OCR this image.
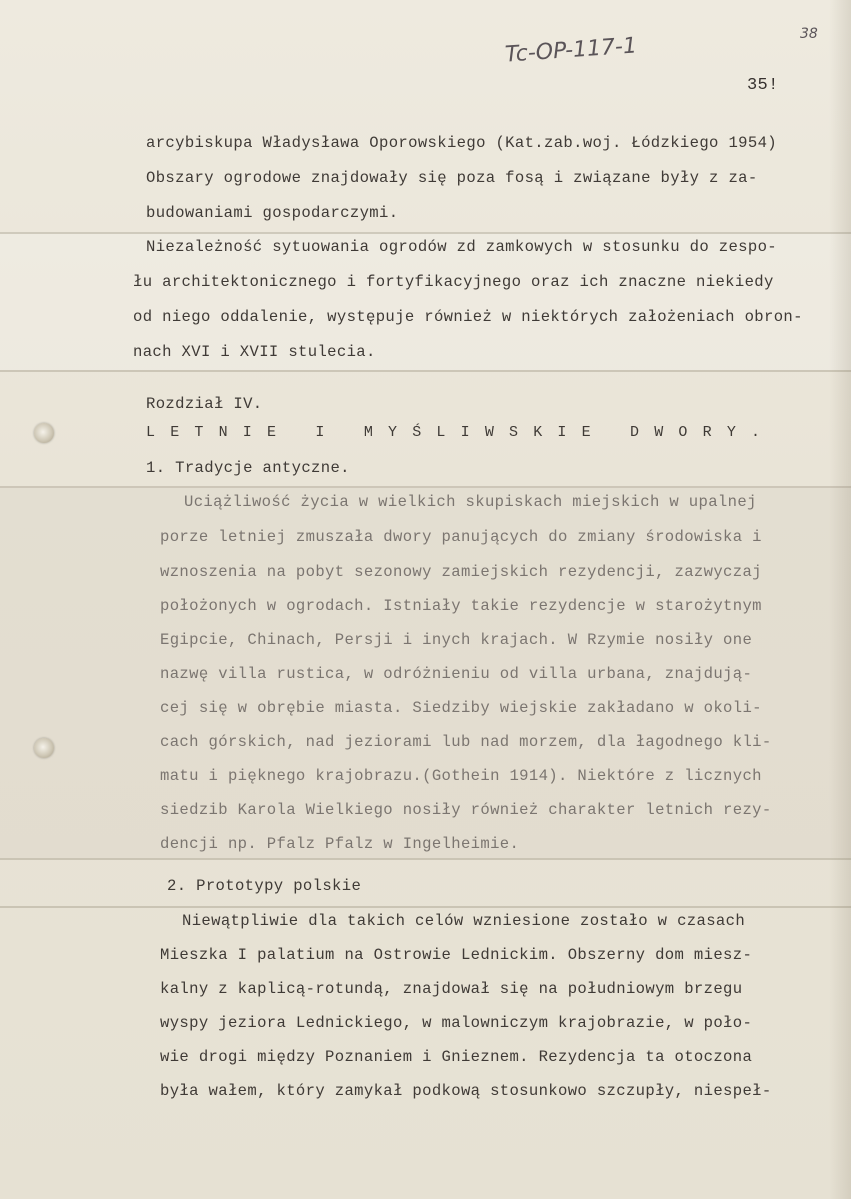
Tc-OP-117-1	38
35!
arcybiskupa Władysława Oporowskiego (Kat.zab.woj. Łódzkiego 1954)
Obszary ogrodowe znajdowały się poza fosą i związane były z za-
budowaniami gospodarczymi.
Niezależność sytuowania ogrodów zd zamkowych w stosunku do zespo-
łu architektonicznego i fortyfikacyjnego oraz ich znaczne niekiedy
od niego oddalenie, występuje również w niektórych założeniach obron-
nach XVI i XVII stulecia.
Rozdział IV.
LETNIE I MYŚLIWSKIE DWORY.
1. Tradycje antyczne.
Uciążliwość życia w wielkich skupiskach miejskich w upalnej
porze letniej zmuszała dwory panujących do zmiany środowiska i
wznoszenia na pobyt sezonowy zamiejskich rezydencji, zazwyczaj
położonych w ogrodach. Istniały takie rezydencje w starożytnym
Egipcie, Chinach, Persji i inych krajach. W Rzymie nosiły one
nazwę villa rustica, w odróżnieniu od villa urbana, znajdują-
cej się w obrębie miasta. Siedziby wiejskie zakładano w okoli-
cach górskich, nad jeziorami lub nad morzem, dla łagodnego kli-
matu i pięknego krajobrazu.(Gothein 1914). Niektóre z licznych
siedzib Karola Wielkiego nosiły również charakter letnich rezy-
dencji np. Pfalz Pfalz w Ingelheimie.
2. Prototypy polskie
Niewątpliwie dla takich celów wzniesione zostało w czasach
Mieszka I palatium na Ostrowie Lednickim. Obszerny dom miesz-
kalny z kaplicą-rotundą, znajdował się na południowym brzegu
wyspy jeziora Lednickiego, w malowniczym krajobrazie, w poło-
wie drogi między Poznaniem i Gnieznem. Rezydencja ta otoczona
była wałem, który zamykał podkową stosunkowo szczupły, niespeł-
